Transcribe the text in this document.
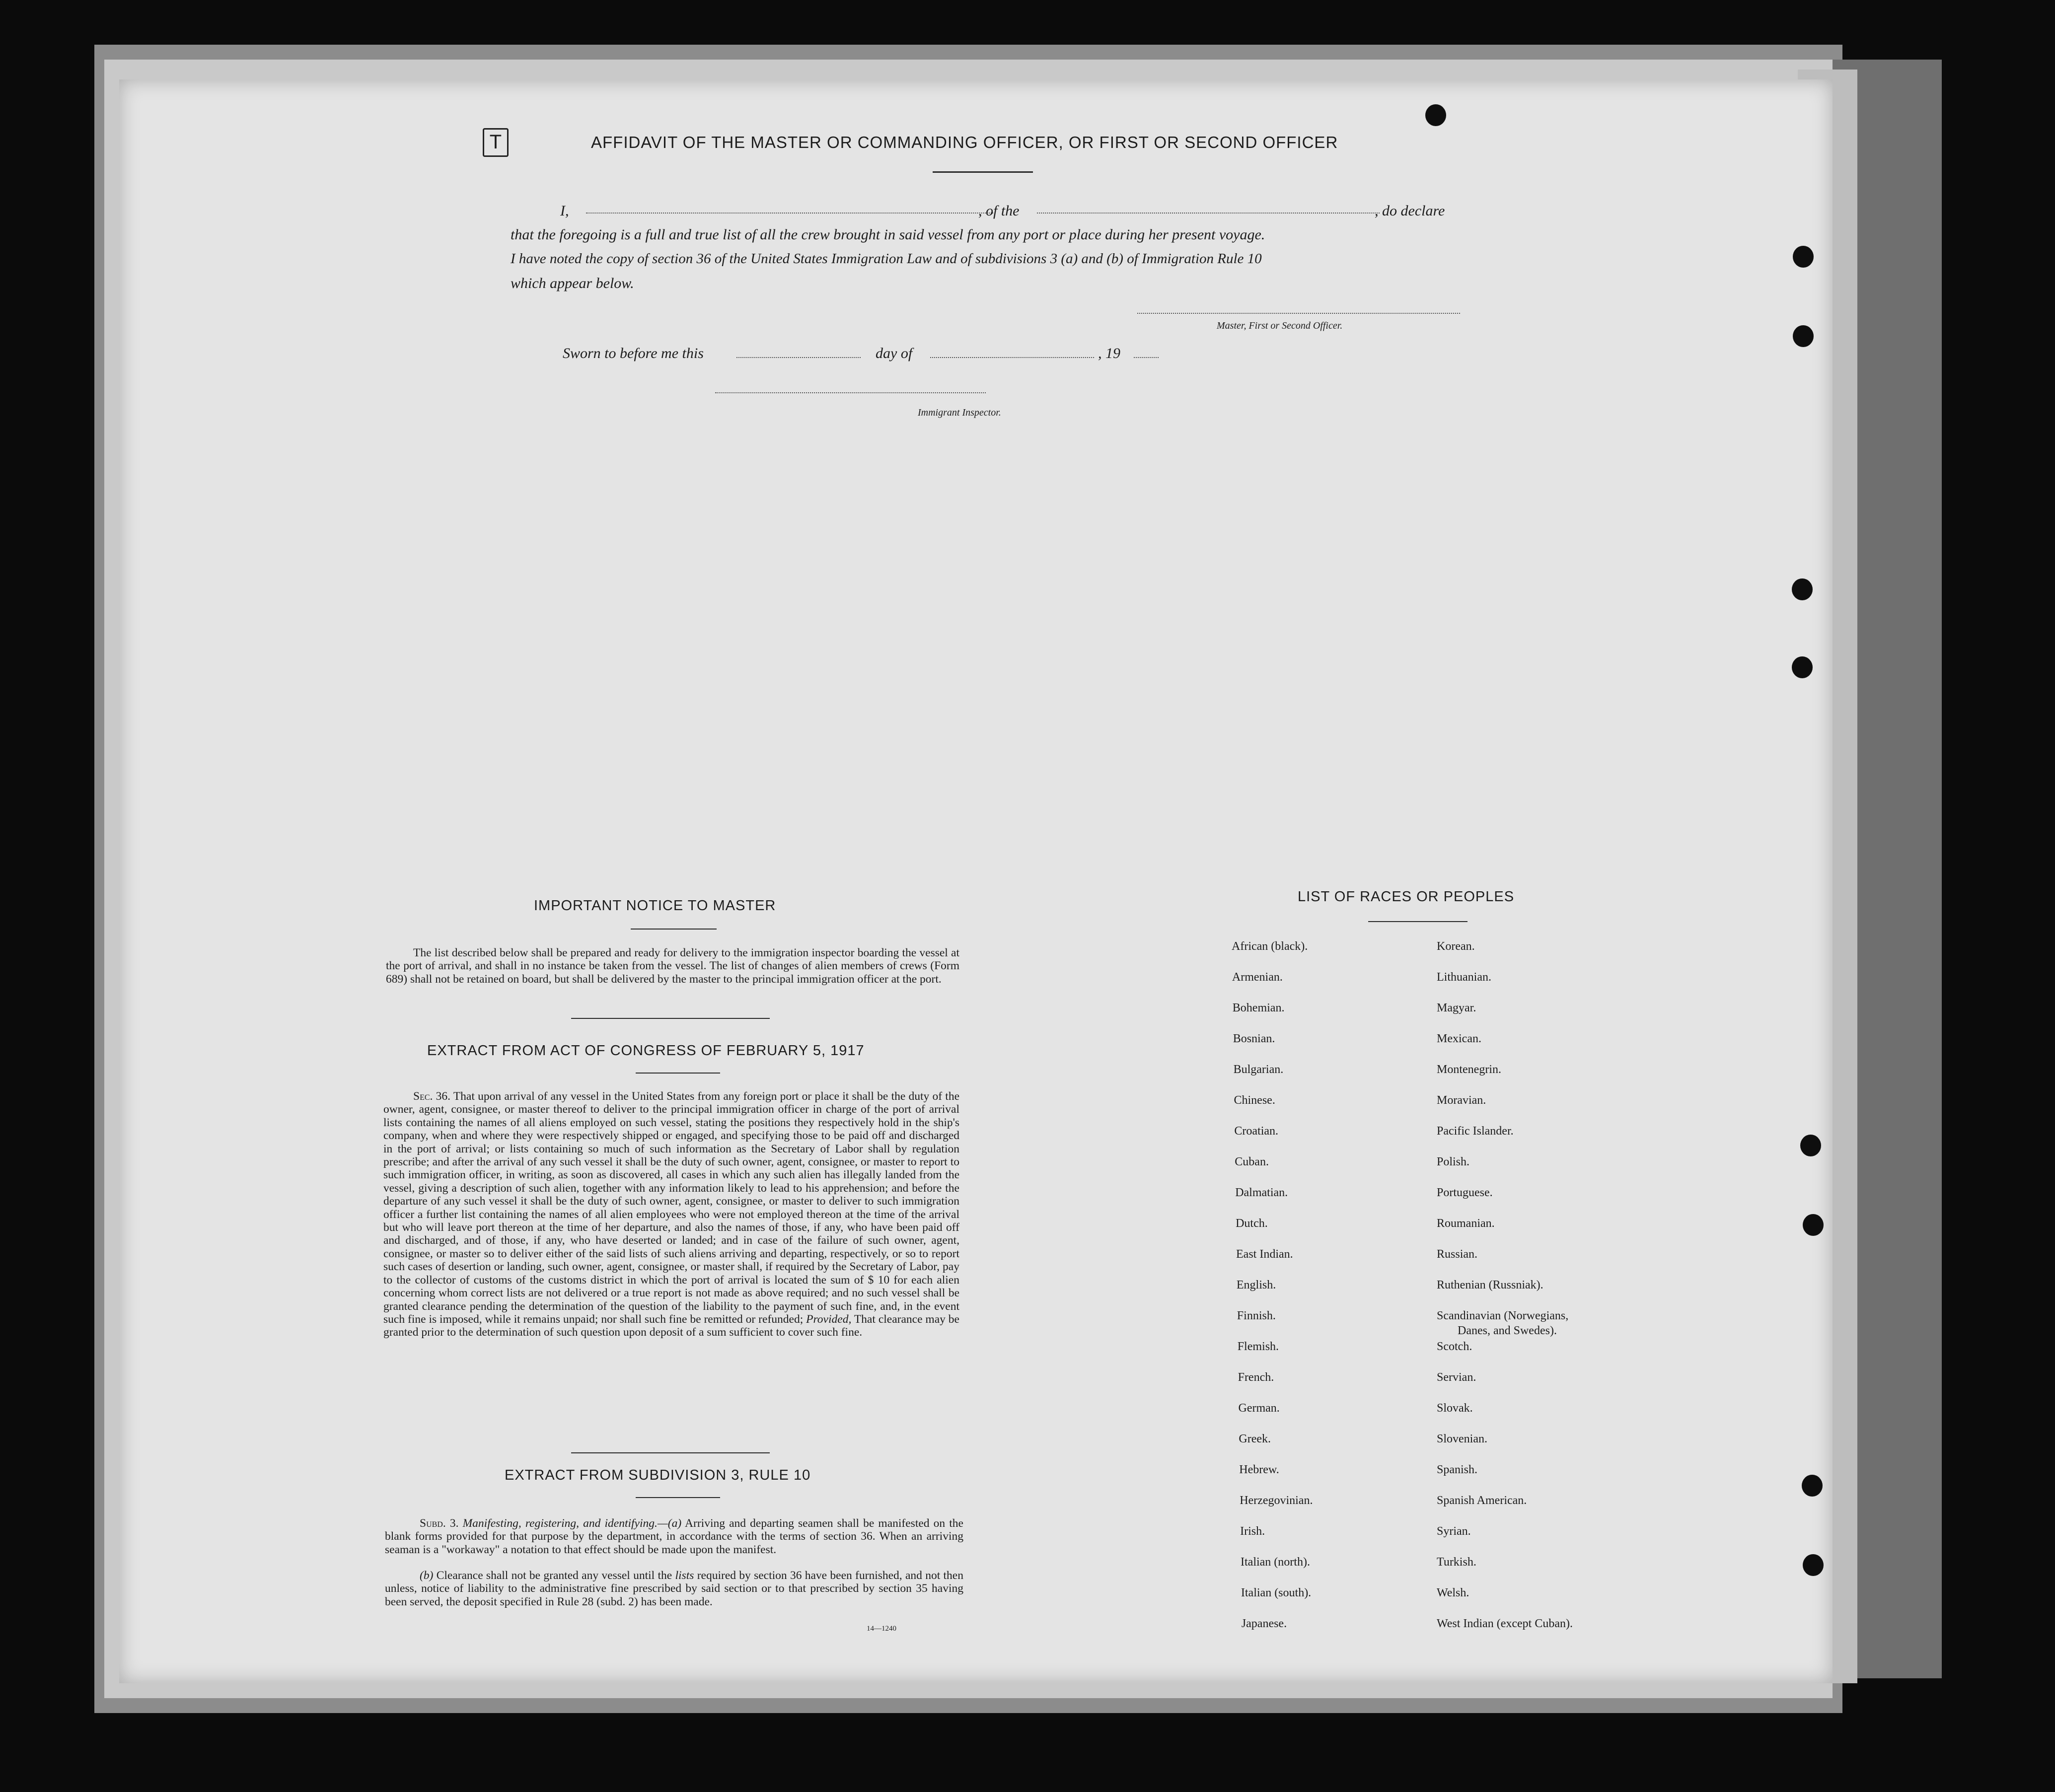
T	AFFIDAVIT OF THE MASTER OR COMMANDING OFFICER, OR FIRST OR SECOND OFFICER
I,	, of the	, do declare
that the foregoing is a full and true list of all the crew brought in said vessel from any port or place during her present voyage.
I have noted the copy of section 36 of the United States Immigration Law and of subdivisions 3 (a) and (b) of Immigration Rule 10
which appear below.
Master, First or Second Officer.
Sworn to before me this	day of	, 19
Immigrant Inspector.
IMPORTANT NOTICE TO MASTER
The list described below shall be prepared and ready for delivery to the immigration inspector boarding the vessel at the port of arrival, and shall in no instance be taken from the vessel. The list of changes of alien members of crews (Form 689) shall not be retained on board, but shall be delivered by the master to the principal immigration officer at the port.
EXTRACT FROM ACT OF CONGRESS OF FEBRUARY 5, 1917
Sec. 36. That upon arrival of any vessel in the United States from any foreign port or place it shall be the duty of the owner, agent, consignee, or master thereof to deliver to the principal immigration officer in charge of the port of arrival lists containing the names of all aliens employed on such vessel, stating the positions they respectively hold in the ship's company, when and where they were respectively shipped or engaged, and specifying those to be paid off and discharged in the port of arrival; or lists containing so much of such information as the Secretary of Labor shall by regulation prescribe; and after the arrival of any such vessel it shall be the duty of such owner, agent, consignee, or master to report to such immigration officer, in writing, as soon as discovered, all cases in which any such alien has illegally landed from the vessel, giving a description of such alien, together with any information likely to lead to his apprehension; and before the departure of any such vessel it shall be the duty of such owner, agent, consignee, or master to deliver to such immigration officer a further list containing the names of all alien employees who were not employed thereon at the time of the arrival but who will leave port thereon at the time of her departure, and also the names of those, if any, who have been paid off and discharged, and of those, if any, who have deserted or landed; and in case of the failure of such owner, agent, consignee, or master so to deliver either of the said lists of such aliens arriving and departing, respectively, or so to report such cases of desertion or landing, such owner, agent, consignee, or master shall, if required by the Secretary of Labor, pay to the collector of customs of the customs district in which the port of arrival is located the sum of $ 10 for each alien concerning whom correct lists are not delivered or a true report is not made as above required; and no such vessel shall be granted clearance pending the determination of the question of the liability to the payment of such fine, and, in the event such fine is imposed, while it remains unpaid; nor shall such fine be remitted or refunded; Provided, That clearance may be granted prior to the determination of such question upon deposit of a sum sufficient to cover such fine.
EXTRACT FROM SUBDIVISION 3, RULE 10
Subd. 3. Manifesting, registering, and identifying.—(a) Arriving and departing seamen shall be manifested on the blank forms provided for that purpose by the department, in accordance with the terms of section 36. When an arriving seaman is a "workaway" a notation to that effect should be made upon the manifest.
(b) Clearance shall not be granted any vessel until the lists required by section 36 have been furnished, and not then unless, notice of liability to the administrative fine prescribed by said section or to that prescribed by section 35 having been served, the deposit specified in Rule 28 (subd. 2) has been made.
14—1240
LIST OF RACES OR PEOPLES
African (black).
Armenian.
Bohemian.
Bosnian.
Bulgarian.
Chinese.
Croatian.
Cuban.
Dalmatian.
Dutch.
East Indian.
English.
Finnish.
Flemish.
French.
German.
Greek.
Hebrew.
Herzegovinian.
Irish.
Italian (north).
Italian (south).
Japanese.
Korean.
Lithuanian.
Magyar.
Mexican.
Montenegrin.
Moravian.
Pacific Islander.
Polish.
Portuguese.
Roumanian.
Russian.
Ruthenian (Russniak).
Scandinavian (Norwegians,
Danes, and Swedes).
Scotch.
Servian.
Slovak.
Slovenian.
Spanish.
Spanish American.
Syrian.
Turkish.
Welsh.
West Indian (except Cuban).
